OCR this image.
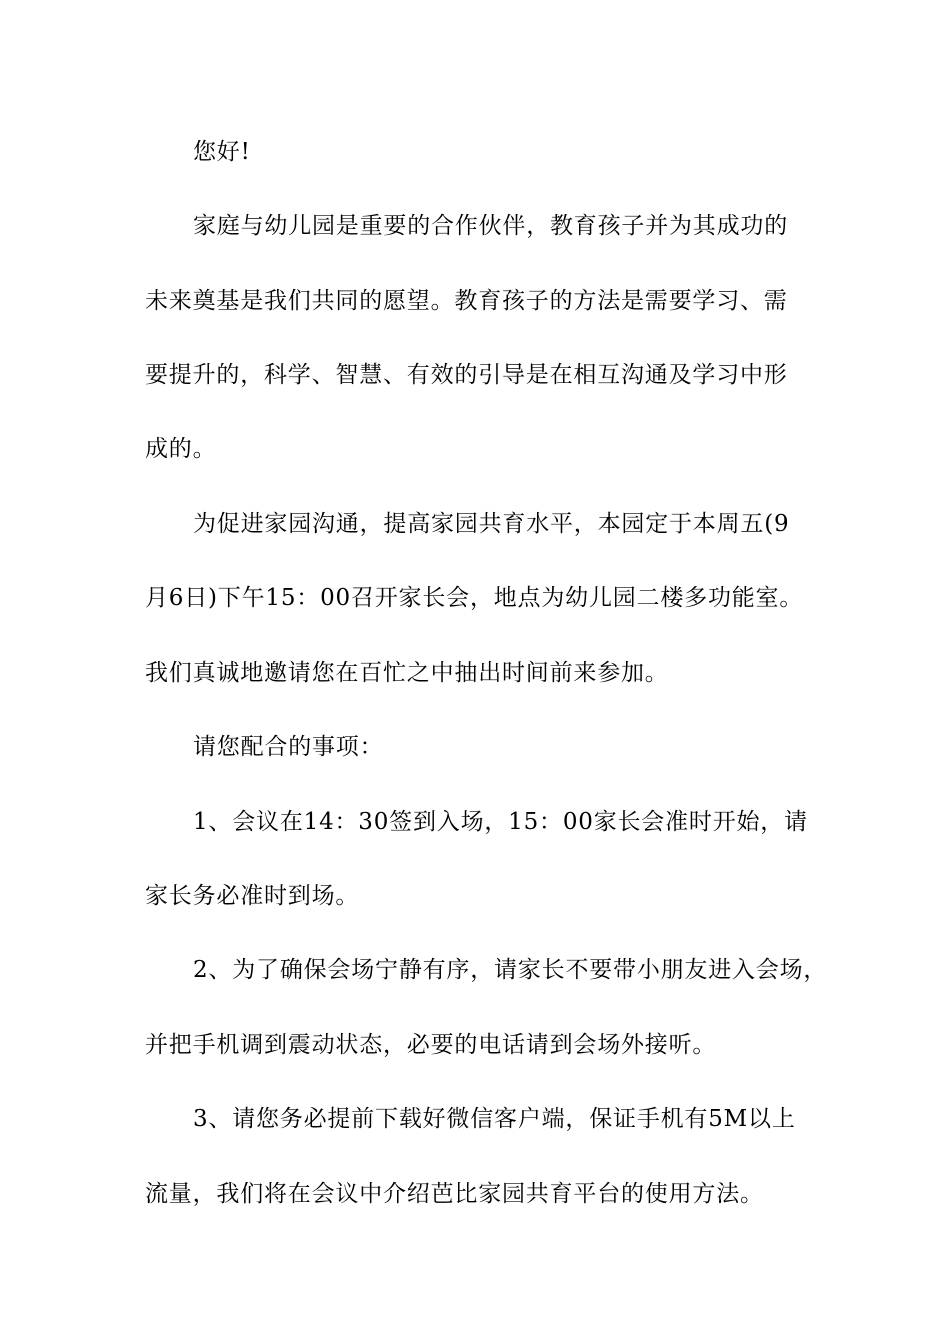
您好!
家庭与幼儿园是重要的合作伙伴，教育孩子并为其成功的
未来奠基是我们共同的愿望。教育孩子的方法是需要学习、需
要提升的，科学、智慧、有效的引导是在相互沟通及学习中形
成的。
为促进家园沟通，提高家园共育水平，本园定于本周五(9
月6日)下午15：00召开家长会，地点为幼儿园二楼多功能室。
我们真诚地邀请您在百忙之中抽出时间前来参加。
请您配合的事项：
1、会议在14：30签到入场，15：00家长会准时开始，请
家长务必准时到场。
2、为了确保会场宁静有序，请家长不要带小朋友进入会场，
并把手机调到震动状态，必要的电话请到会场外接听。
3、请您务必提前下载好微信客户端，保证手机有5M以上
流量，我们将在会议中介绍芭比家园共育平台的使用方法。
